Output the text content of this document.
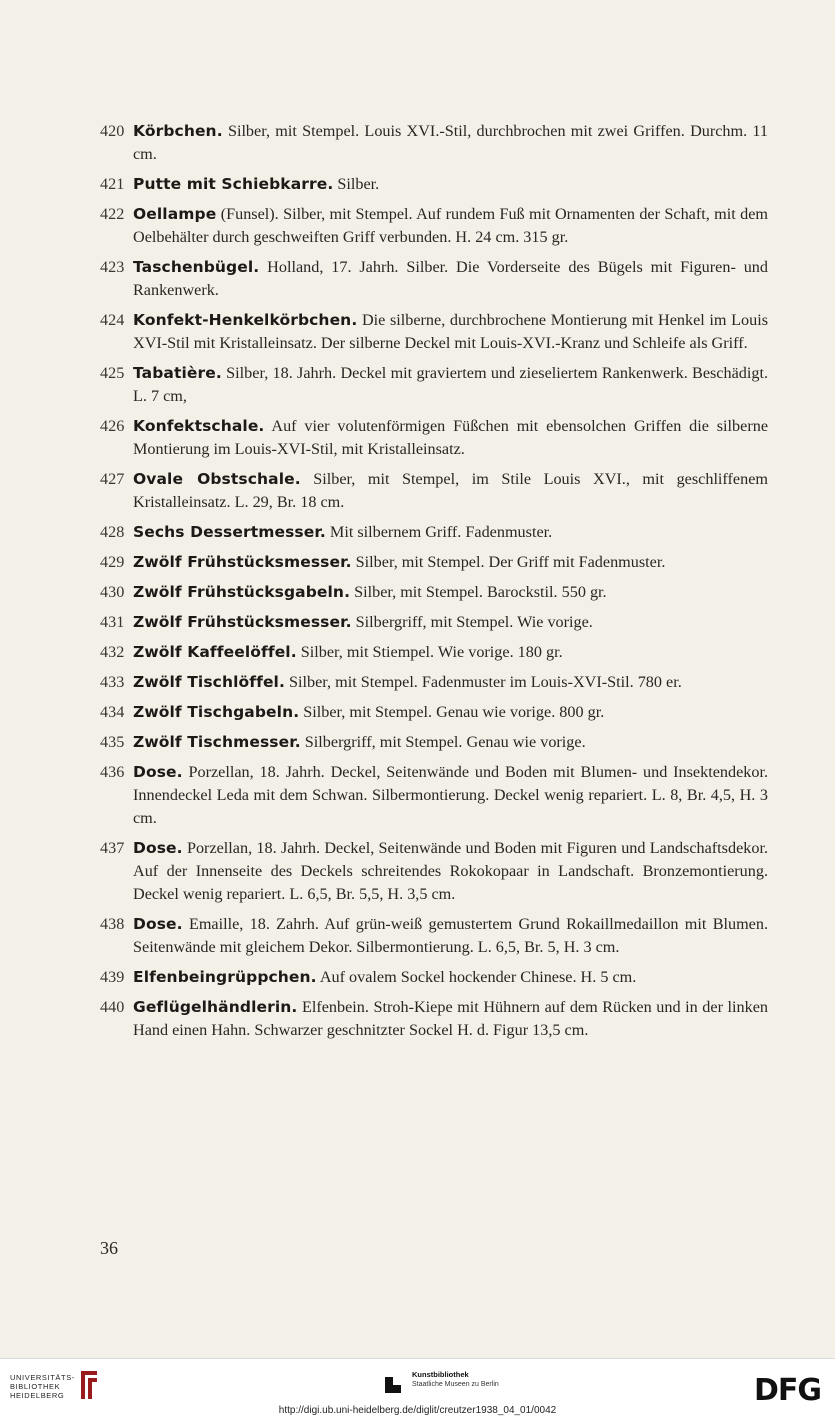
420 Körbchen. Silber, mit Stempel. Louis XVI.-Stil, durchbrochen mit zwei Griffen. Durchm. 11 cm.
421 Putte mit Schiebkarre. Silber.
422 Oellampe (Funsel). Silber, mit Stempel. Auf rundem Fuß mit Ornamenten der Schaft, mit dem Oelbehälter durch geschweiften Griff verbunden. H. 24 cm. 315 gr.
423 Taschenbügel. Holland, 17. Jahrh. Silber. Die Vorderseite des Bügels mit Figuren- und Rankenwerk.
424 Konfekt-Henkelkörbchen. Die silberne, durchbrochene Montierung mit Henkel im Louis XVI-Stil mit Kristalleinsatz. Der silberne Deckel mit Louis-XVI.-Kranz und Schleife als Griff.
425 Tabatière. Silber, 18. Jahrh. Deckel mit graviertem und zieseliertem Rankenwerk. Beschädigt. L. 7 cm,
426 Konfektschale. Auf vier volutenförmigen Füßchen mit ebensolchen Griffen die silberne Montierung im Louis-XVI-Stil, mit Kristalleinsatz.
427 Ovale Obstschale. Silber, mit Stempel, im Stile Louis XVI., mit geschliffenem Kristalleinsatz. L. 29, Br. 18 cm.
428 Sechs Dessertmesser. Mit silbernem Griff. Fadenmuster.
429 Zwölf Frühstücksmesser. Silber, mit Stempel. Der Griff mit Fadenmuster.
430 Zwölf Frühstücksgabeln. Silber, mit Stempel. Barockstil. 550 gr.
431 Zwölf Frühstücksmesser. Silbergriff, mit Stempel. Wie vorige.
432 Zwölf Kaffeelöffel. Silber, mit Stiempel. Wie vorige. 180 gr.
433 Zwölf Tischlöffel. Silber, mit Stempel. Fadenmuster im Louis-XVI-Stil. 780 er.
434 Zwölf Tischgabeln. Silber, mit Stempel. Genau wie vorige. 800 gr.
435 Zwölf Tischmesser. Silbergriff, mit Stempel. Genau wie vorige.
436 Dose. Porzellan, 18. Jahrh. Deckel, Seitenwände und Boden mit Blumen- und Insektendekor. Innendeckel Leda mit dem Schwan. Silbermontierung. Deckel wenig repariert. L. 8, Br. 4,5, H. 3 cm.
437 Dose. Porzellan, 18. Jahrh. Deckel, Seitenwände und Boden mit Figuren und Landschaftsdekor. Auf der Innenseite des Deckels schreitendes Rokokopaar in Landschaft. Bronzemontierung. Deckel wenig repariert. L. 6,5, Br. 5,5, H. 3,5 cm.
438 Dose. Emaille, 18. Zahrh. Auf grün-weiß gemustertem Grund Rokaillmedaillon mit Blumen. Seitenwände mit gleichem Dekor. Silbermontierung. L. 6,5, Br. 5, H. 3 cm.
439 Elfenbeingrüppchen. Auf ovalem Sockel hockender Chinese. H. 5 cm.
440 Geflügelhändlerin. Elfenbein. Stroh-Kiepe mit Hühnern auf dem Rücken und in der linken Hand einen Hahn. Schwarzer geschnitzter Sockel H. d. Figur 13,5 cm.
36
UNIVERSITÄTS-
BIBLIOTHEK
HEIDELBERG
Kunstbibliothek
Staatliche Museen zu Berlin	DFG
http://digi.ub.uni-heidelberg.de/diglit/creutzer1938_04_01/0042
